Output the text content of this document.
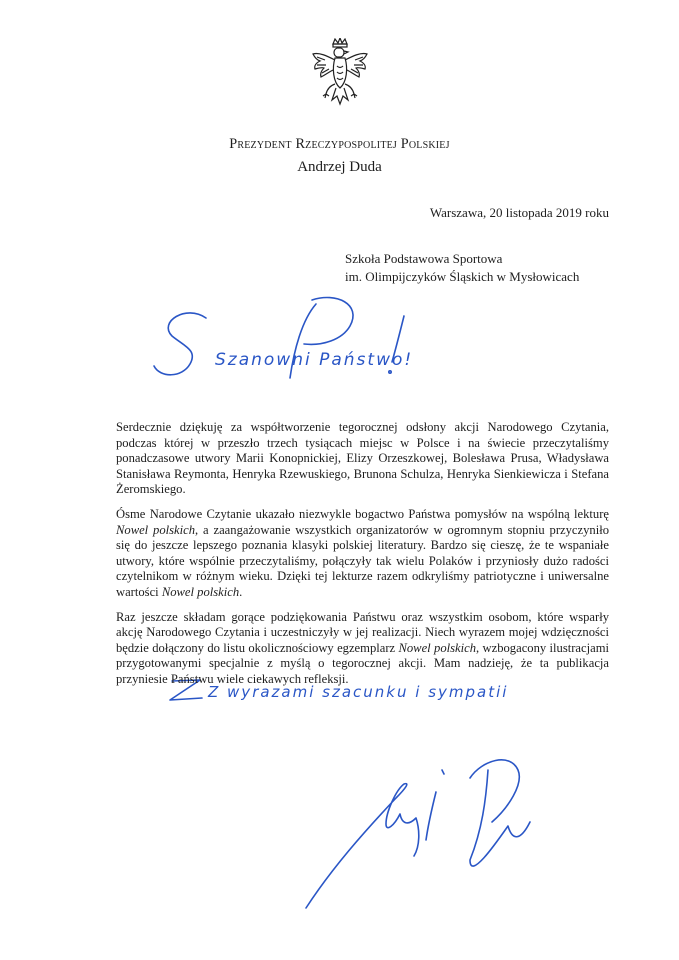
Prezydent Rzeczypospolitej Polskiej
Andrzej Duda
Warszawa, 20 listopada 2019 roku
Szkoła Podstawowa Sportowa
im. Olimpijczyków Śląskich w Mysłowicach
Szanowni Państwo!
Z wyrazami szacunku i sympatii

Serdecznie dziękuję za współtworzenie tegorocznej odsłony akcji Narodowego Czytania, podczas której w przeszło trzech tysiącach miejsc w Polsce i na świecie przeczytaliśmy ponadczasowe utwory Marii Konopnickiej, Elizy Orzeszkowej, Bolesława Prusa, Władysława Stanisława Reymonta, Henryka Rzewuskiego, Brunona Schulza, Henryka Sienkiewicza i Stefana Żeromskiego.

Ósme Narodowe Czytanie ukazało niezwykle bogactwo Państwa pomysłów na wspólną lekturę Nowel polskich, a zaangażowanie wszystkich organizatorów w ogromnym stopniu przyczyniło się do jeszcze lepszego poznania klasyki polskiej literatury. Bardzo się cieszę, że te wspaniałe utwory, które wspólnie przeczytaliśmy, połączyły tak wielu Polaków i przyniosły dużo radości czytelnikom w różnym wieku. Dzięki tej lekturze razem odkryliśmy patriotyczne i uniwersalne wartości Nowel polskich.

Raz jeszcze składam gorące podziękowania Państwu oraz wszystkim osobom, które wsparły akcję Narodowego Czytania i uczestniczyły w jej realizacji. Niech wyrazem mojej wdzięczności będzie dołączony do listu okolicznościowy egzemplarz Nowel polskich, wzbogacony ilustracjami przygotowanymi specjalnie z myślą o tegorocznej akcji. Mam nadzieję, że ta publikacja przyniesie Państwu wiele ciekawych refleksji.
